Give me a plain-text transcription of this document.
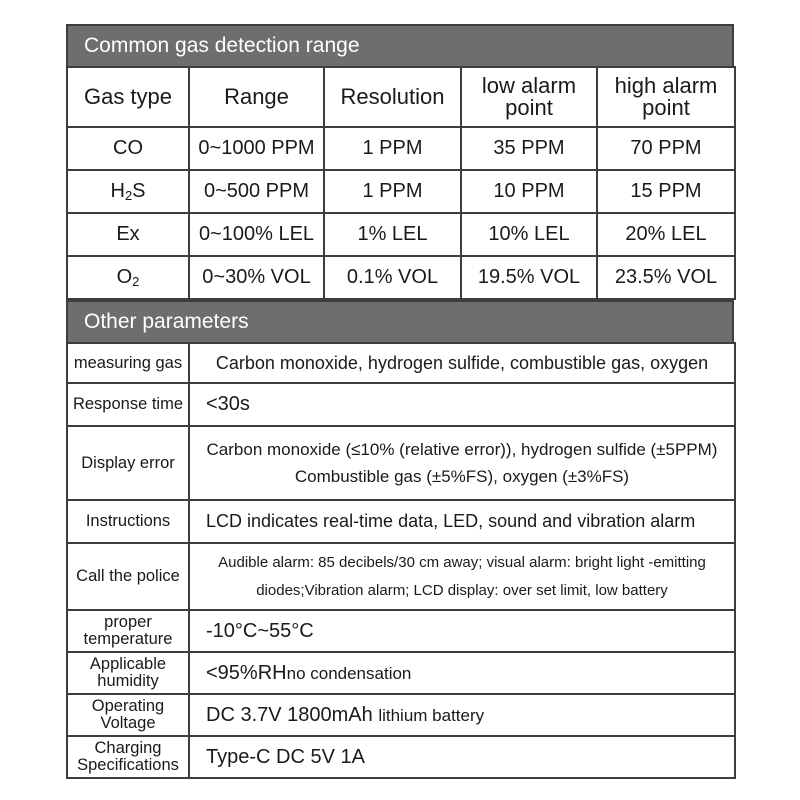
Common gas detection range
Gas type	Range	Resolution	low alarm point	high alarm point
CO	0~1000 PPM	1 PPM	35 PPM	70 PPM
$H_2S$	0~500 PPM	1 PPM	10 PPM	15 PPM
Ex	0~100% LEL	1% LEL	10% LEL	20% LEL
$O_2$	0~30% VOL	0.1% VOL	19.5% VOL	23.5% VOL
Other parameters
measuring gas	Carbon monoxide, hydrogen sulfide, combustible gas, oxygen
Response time	<30s
Display error	Carbon monoxide (≤10% (relative error)), hydrogen sulfide (±5PPM) Combustible gas (±5%FS), oxygen (±3%FS)
Instructions	LCD indicates real-time data, LED, sound and vibration alarm
Call the police	Audible alarm: 85 decibels/30 cm away; visual alarm: bright light -emitting diodes;Vibration alarm; LCD display: over set limit, low battery
proper temperature	-10°C~55°C
Applicable humidity	<95%RHno condensation
Operating Voltage	DC 3.7V 1800mAh lithium battery
Charging Specifications	Type-C DC 5V 1A
